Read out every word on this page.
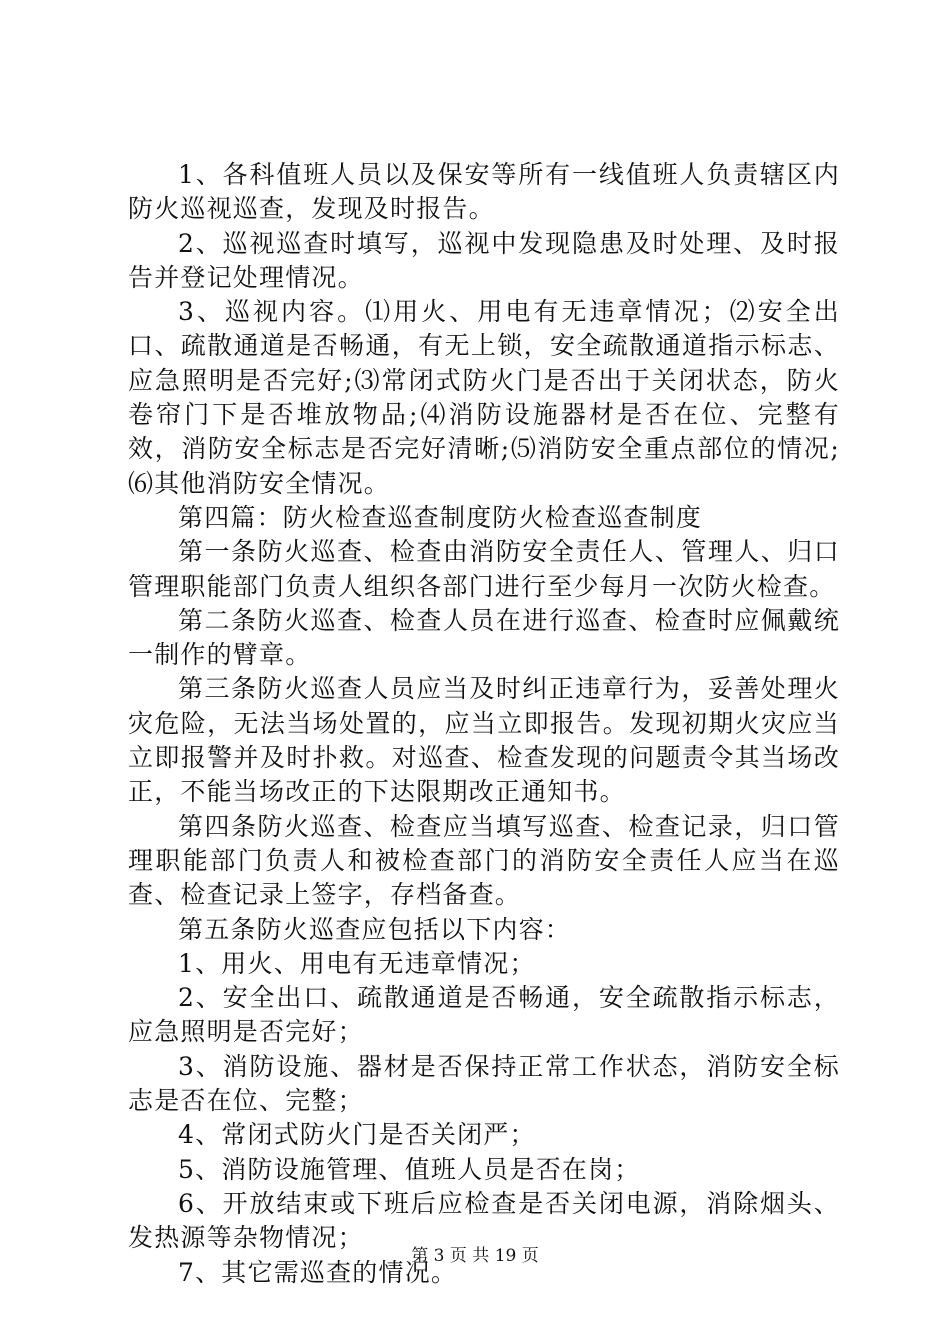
1、各科值班人员以及保安等所有一线值班人负责辖区内防火巡视巡查，发现及时报告。

2、巡视巡查时填写，巡视中发现隐患及时处理、及时报告并登记处理情况。

3、巡视内容。⑴用火、用电有无违章情况；⑵安全出口、疏散通道是否畅通，有无上锁，安全疏散通道指示标志、应急照明是否完好;⑶常闭式防火门是否出于关闭状态，防火卷帘门下是否堆放物品;⑷消防设施器材是否在位、完整有效，消防安全标志是否完好清晰;⑸消防安全重点部位的情况;⑹其他消防安全情况。

第四篇：防火检查巡查制度防火检查巡查制度

第一条防火巡查、检查由消防安全责任人、管理人、归口管理职能部门负责人组织各部门进行至少每月一次防火检查。

第二条防火巡查、检查人员在进行巡查、检查时应佩戴统一制作的臂章。

第三条防火巡查人员应当及时纠正违章行为，妥善处理火灾危险，无法当场处置的，应当立即报告。发现初期火灾应当立即报警并及时扑救。对巡查、检查发现的问题责令其当场改正，不能当场改正的下达限期改正通知书。

第四条防火巡查、检查应当填写巡查、检查记录，归口管理职能部门负责人和被检查部门的消防安全责任人应当在巡查、检查记录上签字，存档备查。

第五条防火巡查应包括以下内容：

1、用火、用电有无违章情况；

2、安全出口、疏散通道是否畅通，安全疏散指示标志，应急照明是否完好；

3、消防设施、器材是否保持正常工作状态，消防安全标志是否在位、完整；

4、常闭式防火门是否关闭严；

5、消防设施管理、值班人员是否在岗；

6、开放结束或下班后应检查是否关闭电源，消除烟头、发热源等杂物情况；

7、其它需巡查的情况。

第 3 页 共 19 页
